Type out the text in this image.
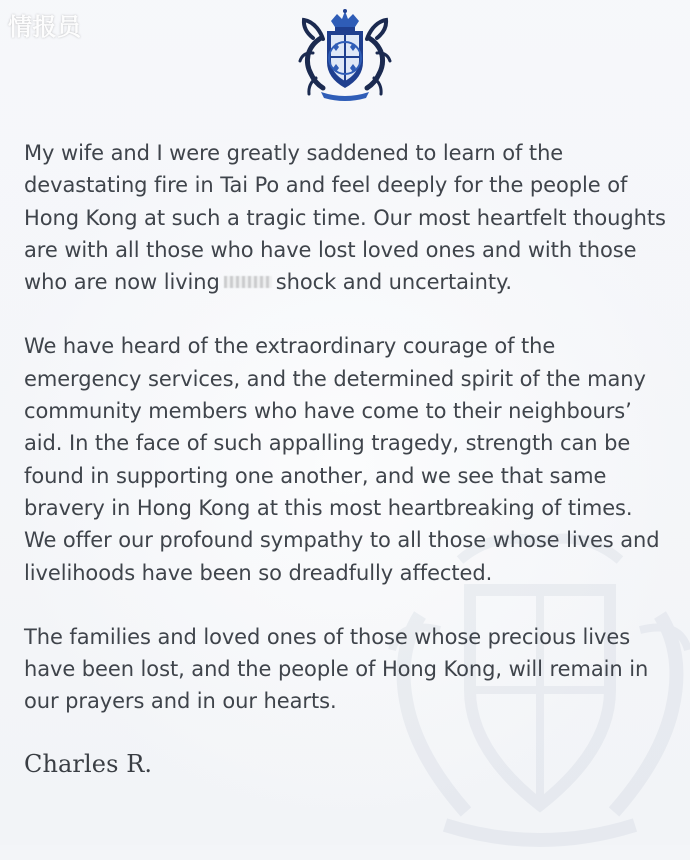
情报员

My wife and I were greatly saddened to learn of the devastating fire in Tai Po and feel deeply for the people of Hong Kong at such a tragic time. Our most heartfelt thoughts are with all those who have lost loved ones and with those who are now living	shock and uncertainty.

We have heard of the extraordinary courage of the emergency services, and the determined spirit of the many community members who have come to their neighbours’ aid. In the face of such appalling tragedy, strength can be found in supporting one another, and we see that same bravery in Hong Kong at this most heartbreaking of times. We offer our profound sympathy to all those whose lives and livelihoods have been so dreadfully affected.

The families and loved ones of those whose precious lives have been lost, and the people of Hong Kong, will remain in our prayers and in our hearts.

Charles R.
